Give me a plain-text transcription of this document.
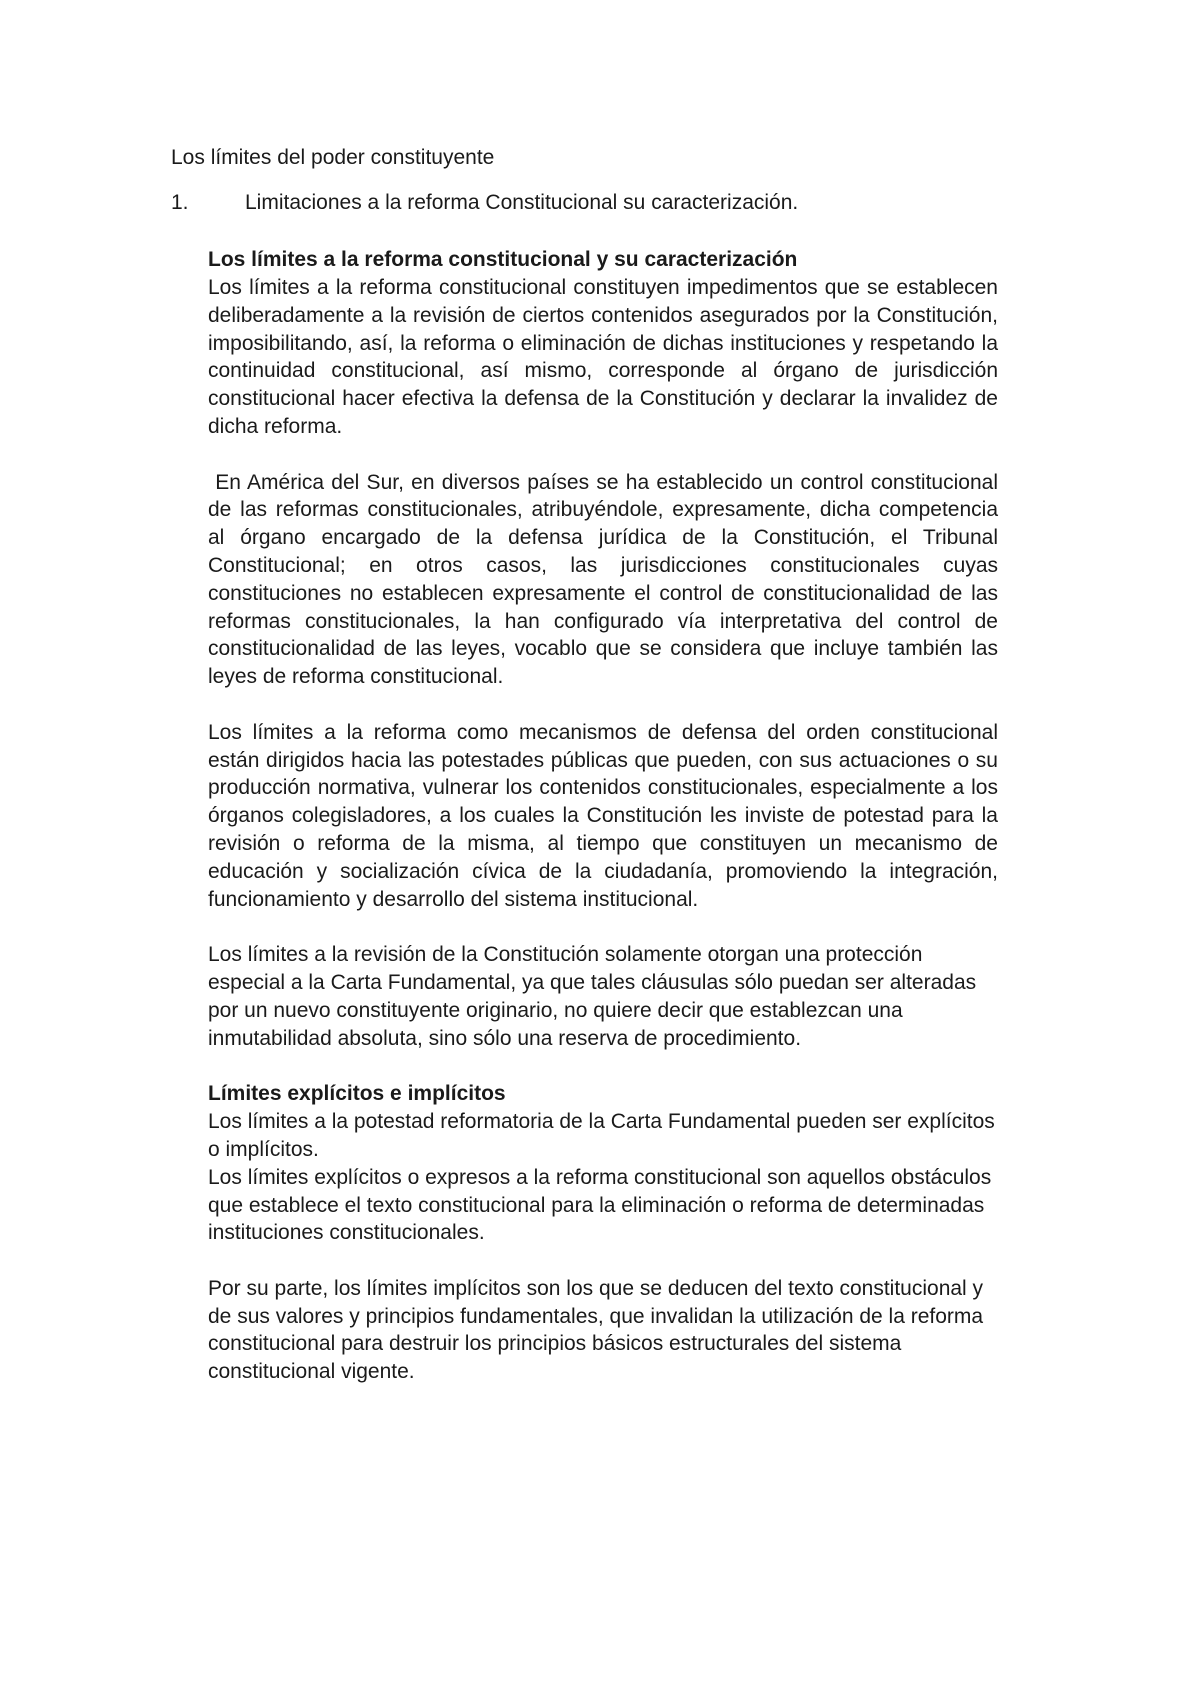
Los límites del poder constituyente
1.	Limitaciones a la reforma Constitucional su caracterización.
Los límites a la reforma constitucional y su caracterización

Los límites a la reforma constitucional constituyen impedimentos que se establecen deliberadamente a la revisión de ciertos contenidos asegurados por la Constitución, imposibilitando, así, la reforma o eliminación de dichas instituciones y respetando la continuidad constitucional, así mismo, corresponde al órgano de jurisdicción constitucional hacer efectiva la defensa de la Constitución y declarar la invalidez de dicha reforma.

En América del Sur, en diversos países se ha establecido un control constitucional de las reformas constitucionales, atribuyéndole, expresamente, dicha competencia al órgano encargado de la defensa jurídica de la Constitución, el Tribunal Constitucional; en otros casos, las jurisdicciones constitucionales cuyas constituciones no establecen expresamente el control de constitucionalidad de las reformas constitucionales, la han configurado vía interpretativa del control de constitucionalidad de las leyes, vocablo que se considera que incluye también las leyes de reforma constitucional.

Los límites a la reforma como mecanismos de defensa del orden constitucional están dirigidos hacia las potestades públicas que pueden, con sus actuaciones o su producción normativa, vulnerar los contenidos constitucionales, especialmente a los órganos colegisladores, a los cuales la Constitución les inviste de potestad para la revisión o reforma de la misma, al tiempo que constituyen un mecanismo de educación y socialización cívica de la ciudadanía, promoviendo la integración, funcionamiento y desarrollo del sistema institucional.

Los límites a la revisión de la Constitución solamente otorgan una protección especial a la Carta Fundamental, ya que tales cláusulas sólo puedan ser alteradas por un nuevo constituyente originario, no quiere decir que establezcan una inmutabilidad absoluta, sino sólo una reserva de procedimiento.

Límites explícitos e implícitos

Los límites a la potestad reformatoria de la Carta Fundamental pueden ser explícitos o implícitos.

Los límites explícitos o expresos a la reforma constitucional son aquellos obstáculos que establece el texto constitucional para la eliminación o reforma de determinadas instituciones constitucionales.

Por su parte, los límites implícitos son los que se deducen del texto constitucional y de sus valores y principios fundamentales, que invalidan la utilización de la reforma constitucional para destruir los principios básicos estructurales del sistema constitucional vigente.
